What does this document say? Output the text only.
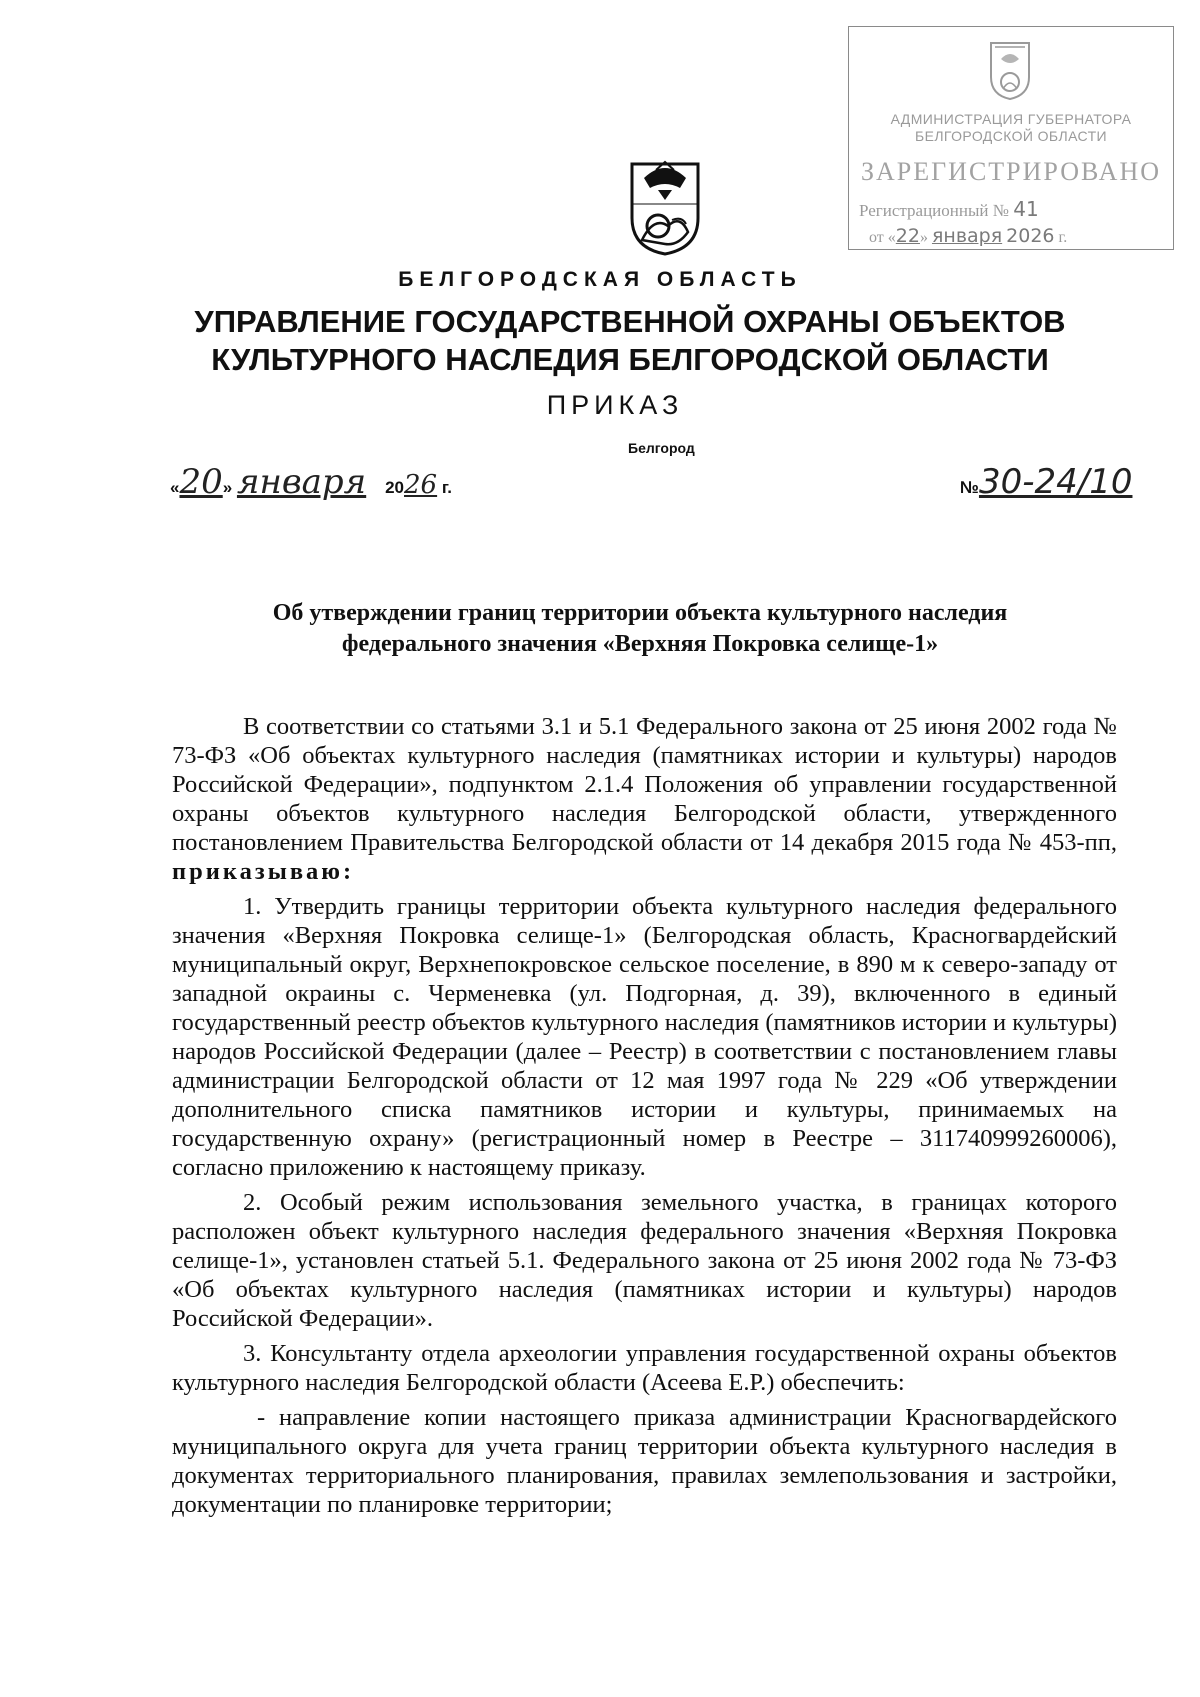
АДМИНИСТРАЦИЯ ГУБЕРНАТОРА
БЕЛГОРОДСКОЙ ОБЛАСТИ
ЗАРЕГИСТРИРОВАНО
Регистрационный № 41
от «22» января 2026 г.
БЕЛГОРОДСКАЯ ОБЛАСТЬ
УПРАВЛЕНИЕ ГОСУДАРСТВЕННОЙ ОХРАНЫ ОБЪЕКТОВ
КУЛЬТУРНОГО НАСЛЕДИЯ БЕЛГОРОДСКОЙ ОБЛАСТИ
ПРИКАЗ
Белгород
«20» января 2026 г.	№30-24/10
Об утверждении границ территории объекта культурного наследия
федерального значения «Верхняя Покровка селище-1»

В соответствии со статьями 3.1 и 5.1 Федерального закона от 25 июня 2002 года № 73-ФЗ «Об объектах культурного наследия (памятниках истории и культуры) народов Российской Федерации», подпунктом 2.1.4 Положения об управлении государственной охраны объектов культурного наследия Белгородской области, утвержденного постановлением Правительства Белгородской области от 14 декабря 2015 года № 453-пп, приказываю:

1. Утвердить границы территории объекта культурного наследия федерального значения «Верхняя Покровка селище-1» (Белгородская область, Красногвардейский муниципальный округ, Верхнепокровское сельское поселение, в 890 м к северо-западу от западной окраины с. Черменевка (ул. Подгорная, д. 39), включенного в единый государственный реестр объектов культурного наследия (памятников истории и культуры) народов Российской Федерации (далее – Реестр) в соответствии с постановлением главы администрации Белгородской области от 12 мая 1997 года № 229 «Об утверждении дополнительного списка памятников истории и культуры, принимаемых на государственную охрану» (регистрационный номер в Реестре – 311740999260006), согласно приложению к настоящему приказу.

2. Особый режим использования земельного участка, в границах которого расположен объект культурного наследия федерального значения «Верхняя Покровка селище-1», установлен статьей 5.1. Федерального закона от 25 июня 2002 года № 73-ФЗ «Об объектах культурного наследия (памятниках истории и культуры) народов Российской Федерации».

3. Консультанту отдела археологии управления государственной охраны объектов культурного наследия Белгородской области (Асеева Е.Р.) обеспечить:

- направление копии настоящего приказа администрации Красногвардейского муниципального округа для учета границ территории объекта культурного наследия в документах территориального планирования, правилах землепользования и застройки, документации по планировке территории;
